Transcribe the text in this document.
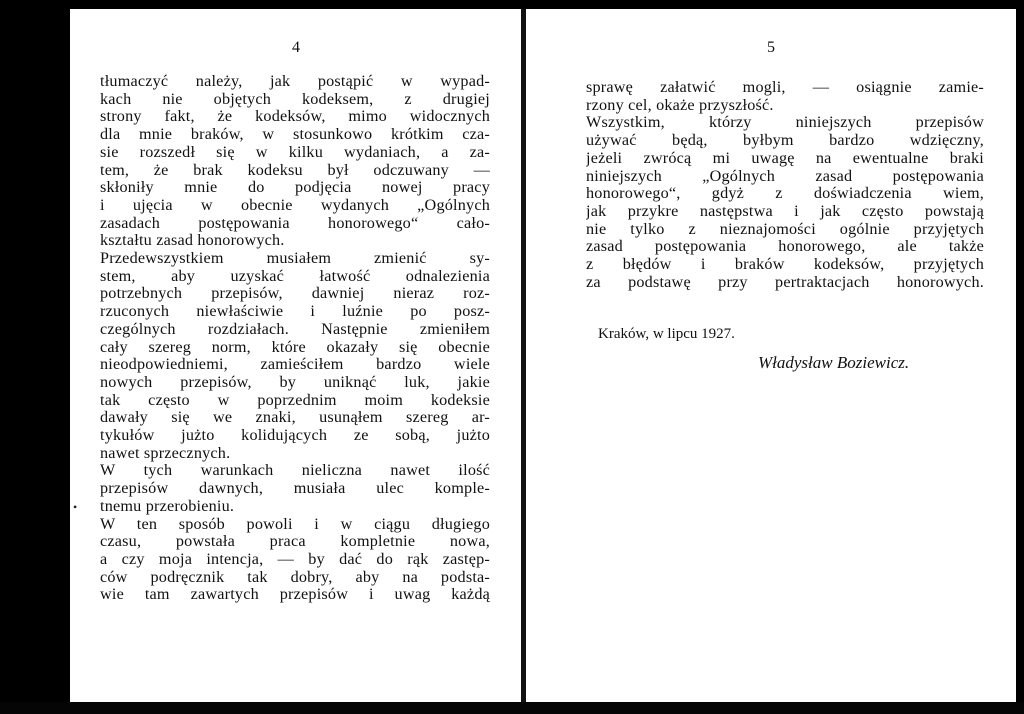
4
•
tłumaczyć należy, jak postąpić w wypad-
kach nie objętych kodeksem, z drugiej
strony fakt, że kodeksów, mimo widocznych
dla mnie braków, w stosunkowo krótkim cza-
sie rozszedł się w kilku wydaniach, a za-
tem, że brak kodeksu był odczuwany —
skłoniły mnie do podjęcia nowej pracy
i ujęcia w obecnie wydanych „Ogólnych
zasadach postępowania honorowego“ cało-
kształtu zasad honorowych.
Przedewszystkiem musiałem zmienić sy-
stem, aby uzyskać łatwość odnalezienia
potrzebnych przepisów, dawniej nieraz roz-
rzuconych niewłaściwie i luźnie po posz-
czególnych rozdziałach. Następnie zmieniłem
cały szereg norm, które okazały się obecnie
nieodpowiedniemi, zamieściłem bardzo wiele
nowych przepisów, by uniknąć luk, jakie
tak często w poprzednim moim kodeksie
dawały się we znaki, usunąłem szereg ar-
tykułów jużto kolidujących ze sobą, jużto
nawet sprzecznych.
W tych warunkach nieliczna nawet ilość
przepisów dawnych, musiała ulec komple-
tnemu przerobieniu.
W ten sposób powoli i w ciągu długiego
czasu, powstała praca kompletnie nowa,
a czy moja intencja, — by dać do rąk zastęp-
ców podręcznik tak dobry, aby na podsta-
wie tam zawartych przepisów i uwag każdą
5
sprawę załatwić mogli, — osiągnie zamie-
rzony cel, okaże przyszłość.
Wszystkim, którzy niniejszych przepisów
używać będą, byłbym bardzo wdzięczny,
jeżeli zwrócą mi uwagę na ewentualne braki
niniejszych „Ogólnych zasad postępowania
honorowego“, gdyż z doświadczenia wiem,
jak przykre następstwa i jak często powstają
nie tylko z nieznajomości ogólnie przyjętych
zasad postępowania honorowego, ale także
z błędów i braków kodeksów, przyjętych
za podstawę przy pertraktacjach honorowych.
Kraków, w lipcu 1927.
Władysław Boziewicz.
